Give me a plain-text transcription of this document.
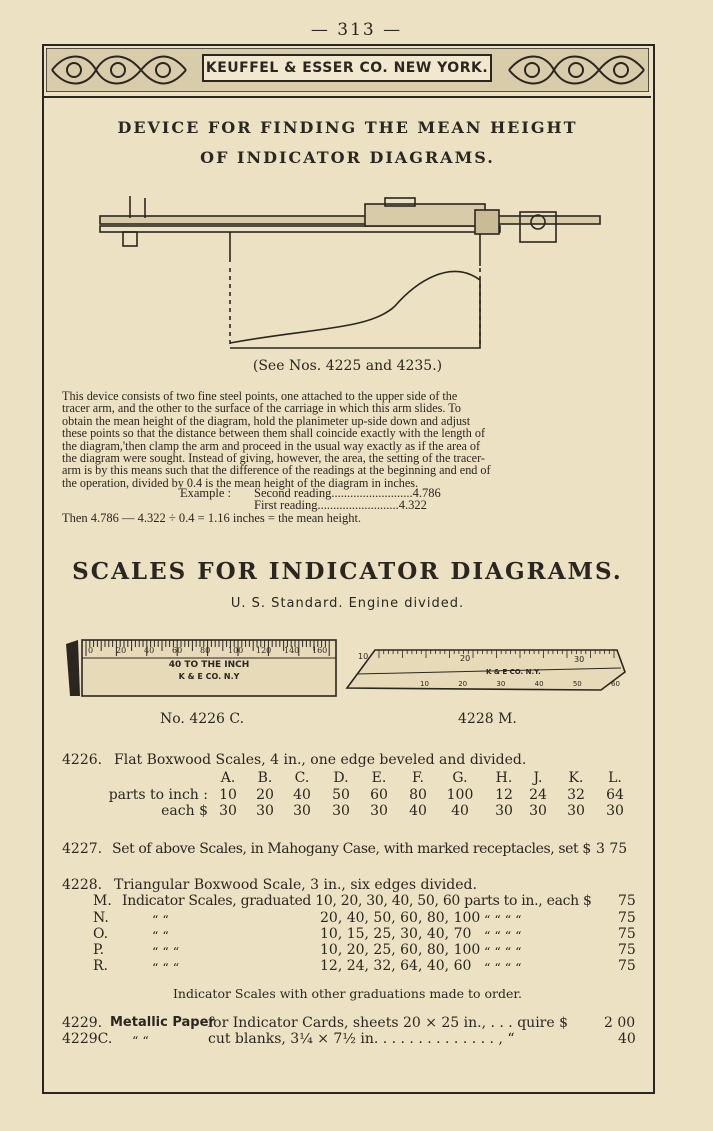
— 313 —
KEUFFEL & ESSER CO. NEW YORK.
DEVICE FOR FINDING THE MEAN HEIGHT
OF INDICATOR DIAGRAMS.
(See Nos. 4225 and 4235.)
This device consists of two fine steel points, one attached to the upper side of the
tracer arm, and the other to the surface of the carriage in which this arm slides. To
obtain the mean height of the diagram, hold the planimeter up-side down and adjust
these points so that the distance between them shall coincide exactly with the length of
the diagram,'then clamp the arm and proceed in the usual way exactly as if the area of
the diagram were sought. Instead of giving, however, the area, the setting of the tracer-
arm is by this means such that the difference of the readings at the beginning and end of
the operation, divided by 0.4 is the mean height of the diagram in inches.
Example : Second reading..........................4.786
First reading..........................4.322
Then 4.786 — 4.322 ÷ 0.4 = 1.16 inches = the mean height.
SCALES FOR INDICATOR DIAGRAMS.
U. S. Standard. Engine divided.
0	20 40 60 80 100 120 140 160
40 TO THE INCH
K & E CO. N.Y
10	20	30
K & E CO. N.Y.
10	20	30	40	50	60
No. 4226 C.	4228 M.
4226. Flat Boxwood Scales, 4 in., one edge beveled and divided.
A. B. C. D. E. F. G. H.	J.	K. L.
parts to inch : 10 20 40 50 60 80 100 12 24 32 64
each $ 30 30 30 30 30 40 40 30 30 30 30
4227. Set of above Scales, in Mahogany Case, with marked receptacles, set $ 3 75
4228. Triangular Boxwood Scale, 3 in., six edges divided.
M. Indicator Scales, graduated 10, 20, 30, 40, 50, 60 parts to in., each $ 75
N.	“ “	20, 40, 50, 60, 80, 100 “ “ “ “	75
O.	“ “	10, 15, 25, 30, 40, 70 “ “ “ “	75
P.	“ “ “	10, 20, 25, 60, 80, 100 “ “ “ “	75
R.	“ “ “	12, 24, 32, 64, 40, 60 “ “ “ “	75
Indicator Scales with other graduations made to order.
4229. Metallic Paper
for Indicator Cards, sheets 20 × 25 in., . . . quire $	2 00
4229C. “ “	cut blanks, 3¼ × 7½ in. . . . . . . . . . . . . . , “	40
